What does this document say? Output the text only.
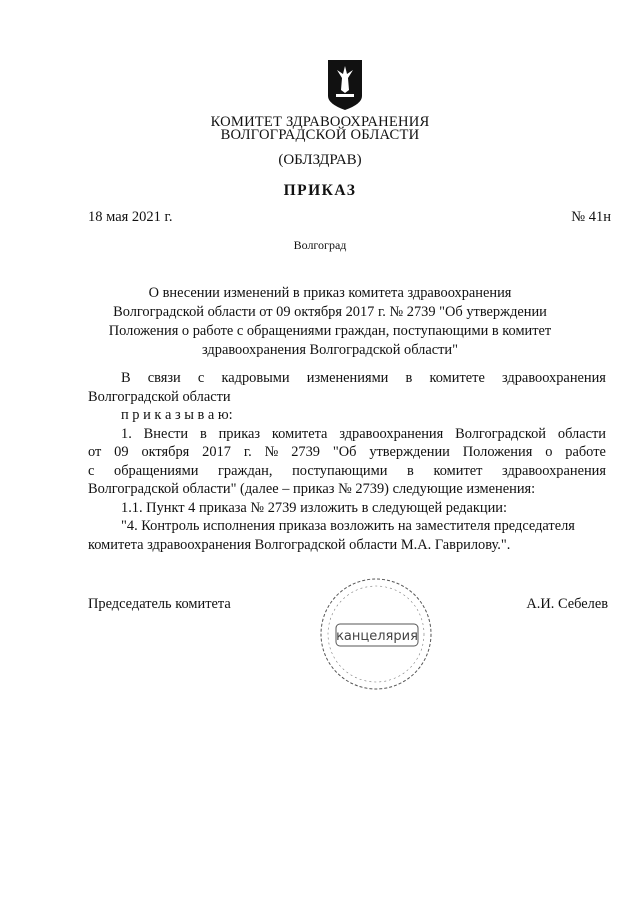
КОМИТЕТ ЗДРАВООХРАНЕНИЯ
ВОЛГОГРАДСКОЙ ОБЛАСТИ
(ОБЛЗДРАВ)
ПРИКАЗ
18 мая 2021 г.	№ 41н
Волгоград
О внесении изменений в приказ комитета здравоохранения
Волгоградской области от 09 октября 2017 г. № 2739 "Об утверждении
Положения о работе с обращениями граждан, поступающими в комитет
здравоохранения Волгоградской области"
В связи с кадровыми изменениями в комитете здравоохранения
Волгоградской области
п р и к а з ы в а ю:
1. Внести в приказ комитета здравоохранения Волгоградской области
от 09 октября 2017 г. № 2739 "Об утверждении Положения о работе
с обращениями граждан, поступающими в комитет здравоохранения
Волгоградской области" (далее – приказ № 2739) следующие изменения:
1.1. Пункт 4 приказа № 2739 изложить в следующей редакции:
"4. Контроль исполнения приказа возложить на заместителя председателя
комитета здравоохранения Волгоградской области М.А. Гаврилову.".
Председатель комитета	А.И. Себелев
канцелярия
